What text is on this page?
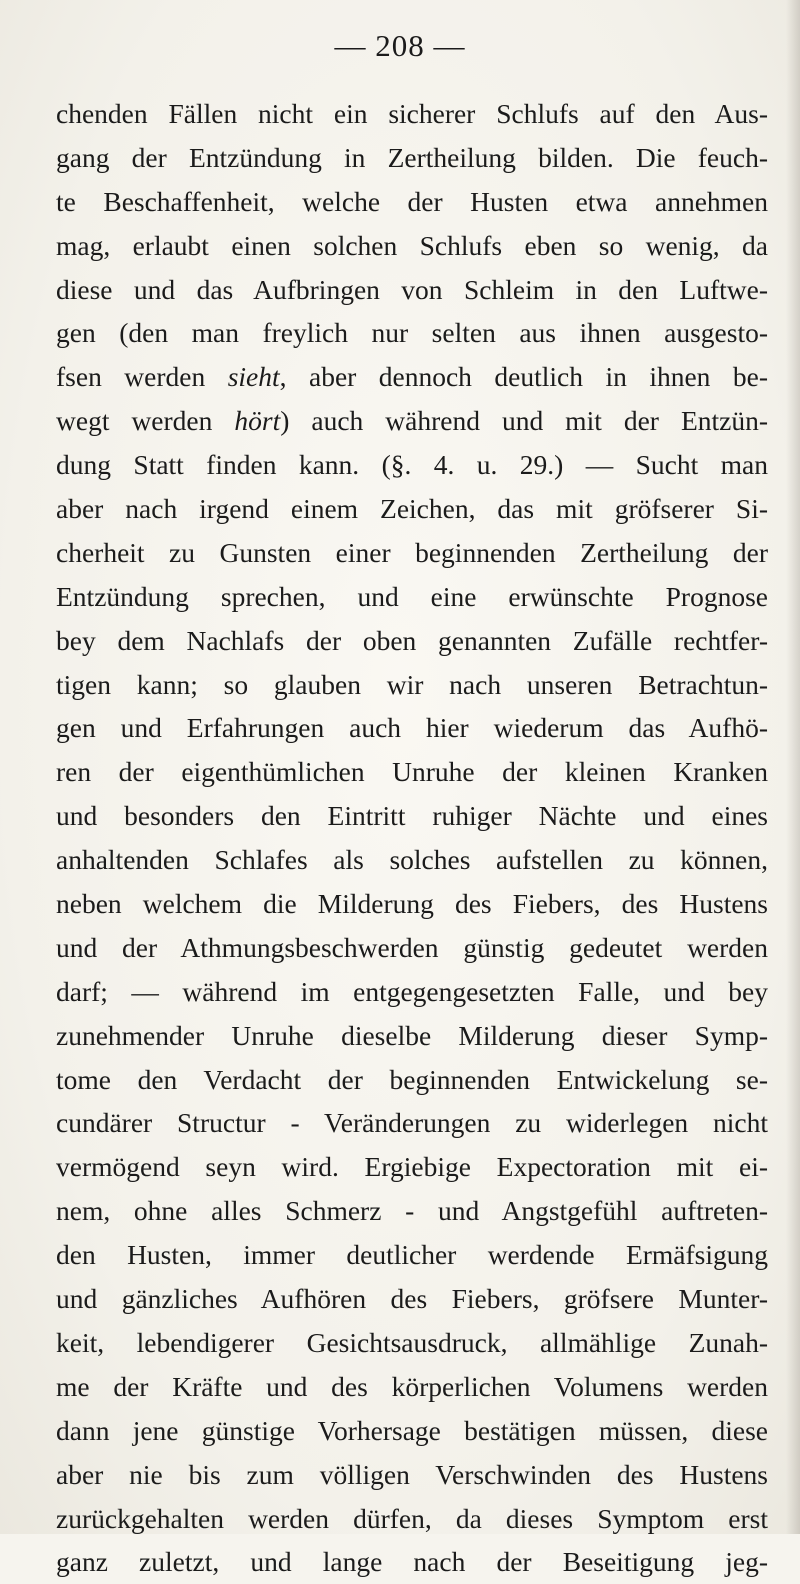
— 208 —
chenden Fällen nicht ein sicherer Schlufs auf den Aus-
gang der Entzündung in Zertheilung bilden. Die feuch-
te Beschaffenheit, welche der Husten etwa annehmen
mag, erlaubt einen solchen Schlufs eben so wenig, da
diese und das Aufbringen von Schleim in den Luftwe-
gen (den man freylich nur selten aus ihnen ausgesto-
fsen werden sieht, aber dennoch deutlich in ihnen be-
wegt werden hört) auch während und mit der Entzün-
dung Statt finden kann. (§. 4. u. 29.) — Sucht man
aber nach irgend einem Zeichen, das mit gröfserer Si-
cherheit zu Gunsten einer beginnenden Zertheilung der
Entzündung sprechen, und eine erwünschte Prognose
bey dem Nachlafs der oben genannten Zufälle rechtfer-
tigen kann; so glauben wir nach unseren Betrachtun-
gen und Erfahrungen auch hier wiederum das Aufhö-
ren der eigenthümlichen Unruhe der kleinen Kranken
und besonders den Eintritt ruhiger Nächte und eines
anhaltenden Schlafes als solches aufstellen zu können,
neben welchem die Milderung des Fiebers, des Hustens
und der Athmungsbeschwerden günstig gedeutet werden
darf; — während im entgegengesetzten Falle, und bey
zunehmender Unruhe dieselbe Milderung dieser Symp-
tome den Verdacht der beginnenden Entwickelung se-
cundärer Structur - Veränderungen zu widerlegen nicht
vermögend seyn wird. Ergiebige Expectoration mit ei-
nem, ohne alles Schmerz - und Angstgefühl auftreten-
den Husten, immer deutlicher werdende Ermäfsigung
und gänzliches Aufhören des Fiebers, gröfsere Munter-
keit, lebendigerer Gesichtsausdruck, allmählige Zunah-
me der Kräfte und des körperlichen Volumens werden
dann jene günstige Vorhersage bestätigen müssen, diese
aber nie bis zum völligen Verschwinden des Hustens
zurückgehalten werden dürfen, da dieses Symptom erst
ganz zuletzt, und lange nach der Beseitigung jeg-
